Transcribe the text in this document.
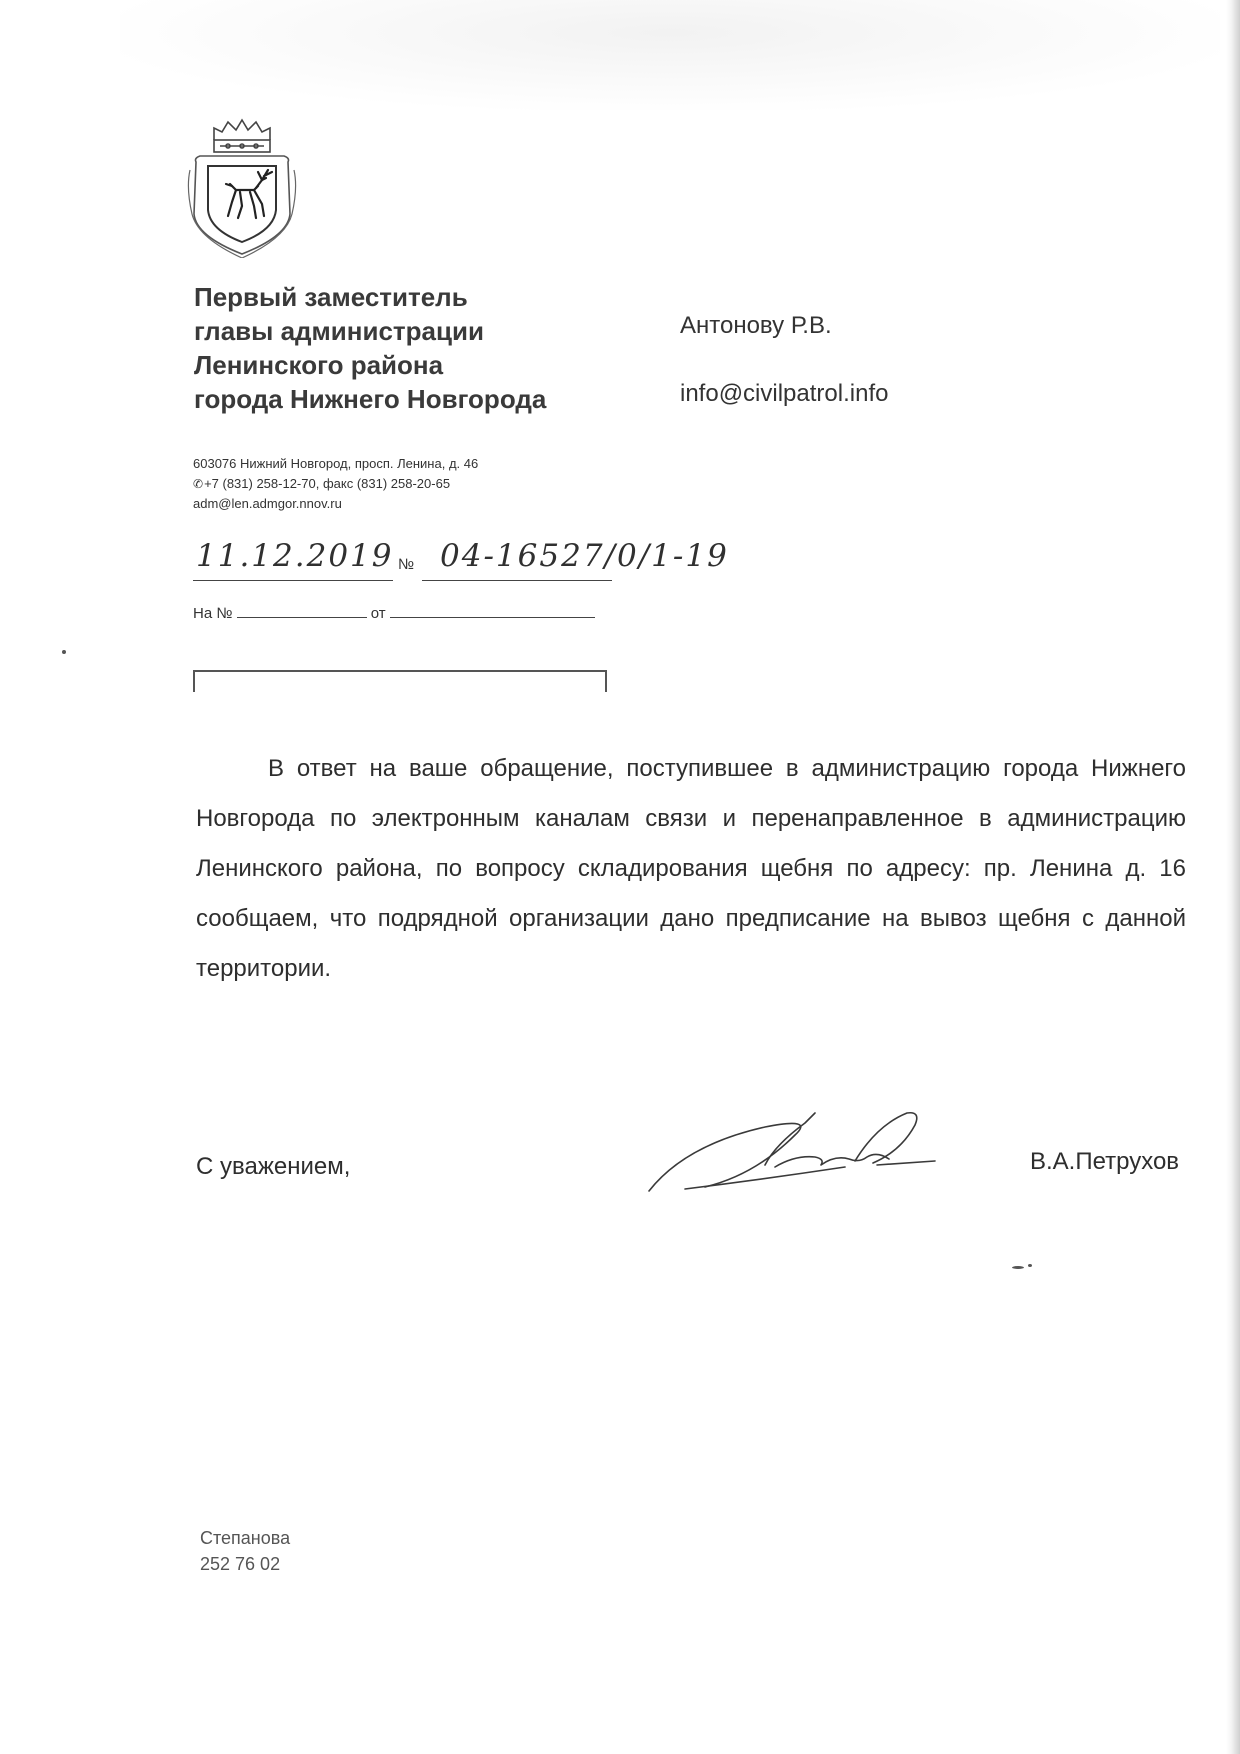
Первый заместитель
главы администрации
Ленинского района
города Нижнего Новгорода
Антонову Р.В.
info@civilpatrol.info
603076 Нижний Новгород, просп. Ленина, д. 46
✆+7 (831) 258-12-70, факс (831) 258-20-65
adm@len.admgor.nnov.ru
11.12.2019 № 04-16527/0/1-19
На №	от

В ответ на ваше обращение, поступившее в администрацию города Нижнего Новгорода по электронным каналам связи и перенаправленное в администрацию Ленинского района, по вопросу складирования щебня по адресу: пр. Ленина д. 16 сообщаем, что подрядной организации дано предписание на вывоз щебня с данной территории.

С уважением,	В.А.Петрухов
Степанова
252 76 02
